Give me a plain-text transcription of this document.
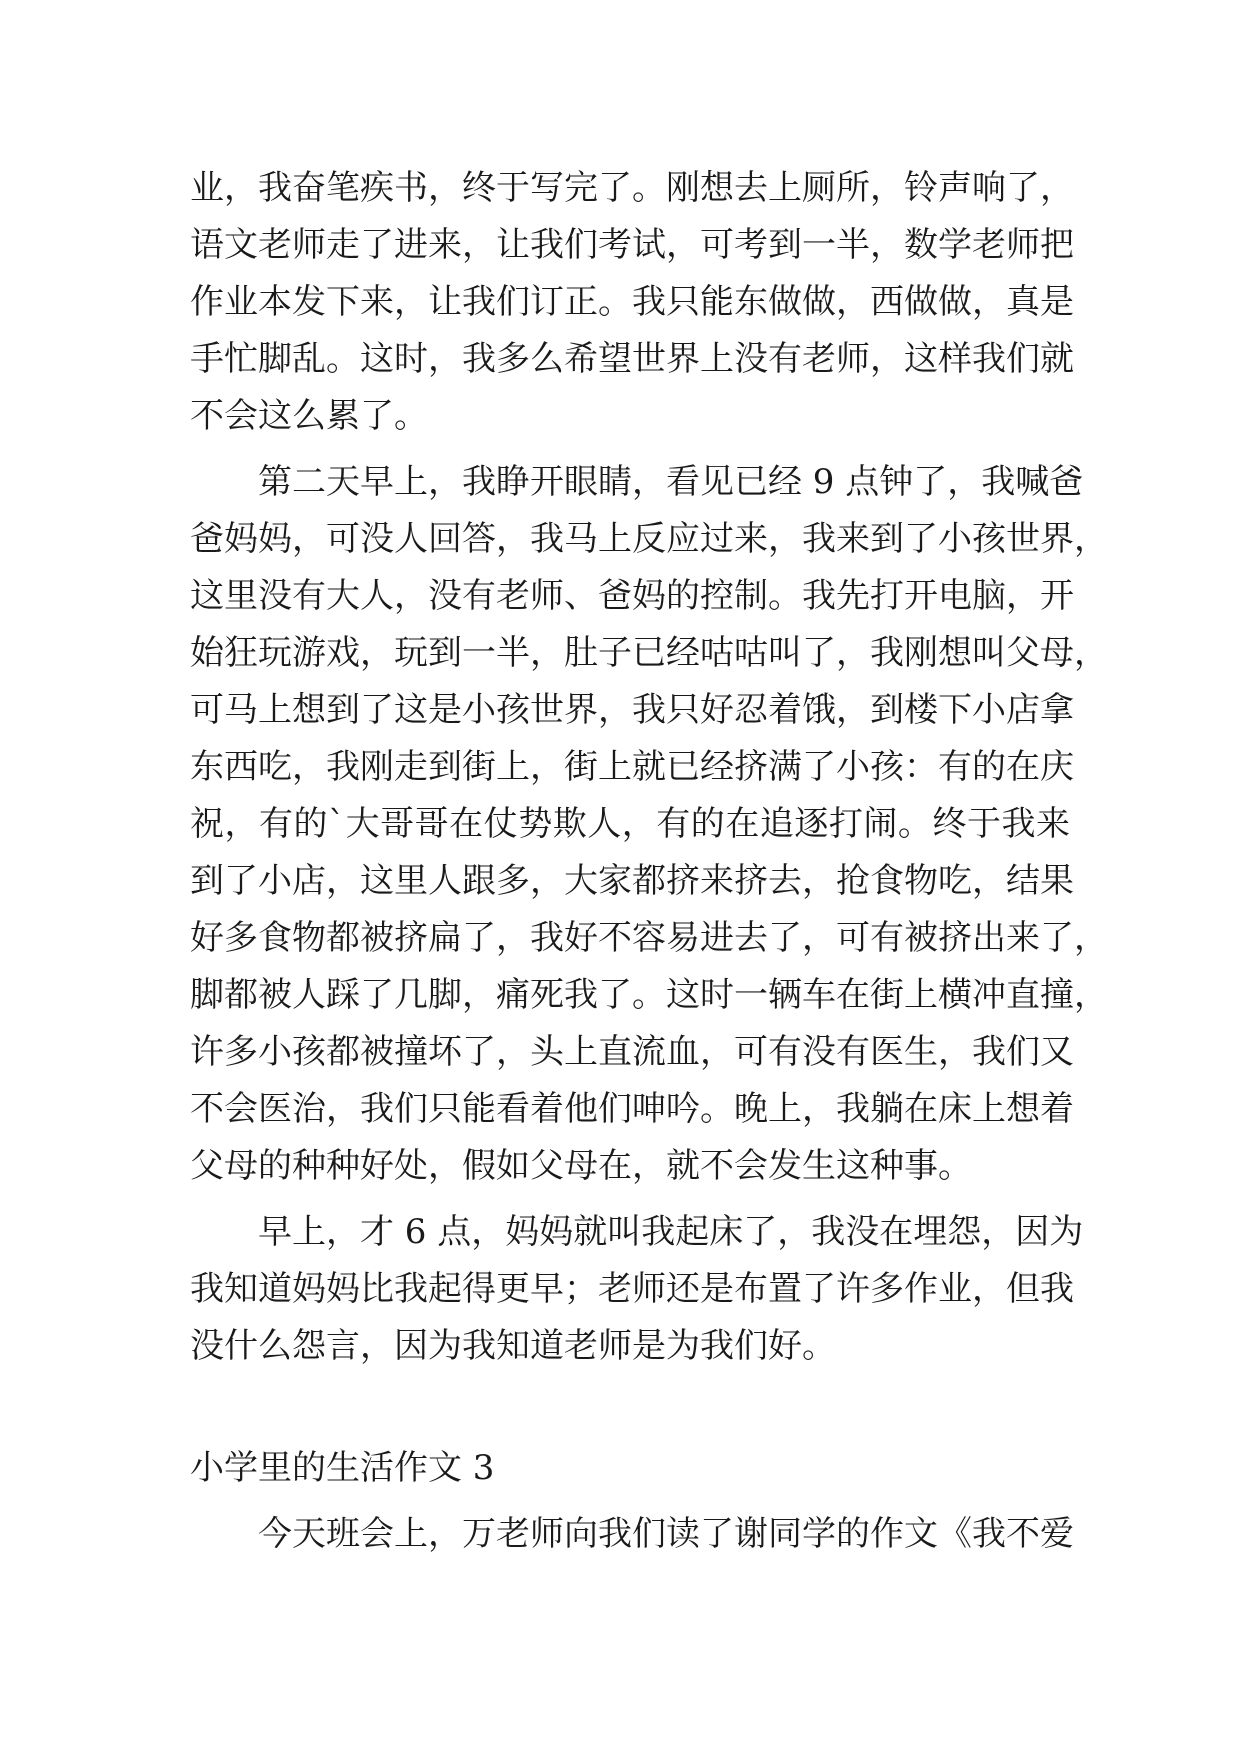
业，我奋笔疾书，终于写完了。刚想去上厕所，铃声响了，
语文老师走了进来，让我们考试，可考到一半，数学老师把
作业本发下来，让我们订正。我只能东做做，西做做，真是
手忙脚乱。这时，我多么希望世界上没有老师，这样我们就
不会这么累了。
第二天早上，我睁开眼睛，看见已经 9 点钟了，我喊爸
爸妈妈，可没人回答，我马上反应过来，我来到了小孩世界，
这里没有大人，没有老师、爸妈的控制。我先打开电脑，开
始狂玩游戏，玩到一半，肚子已经咕咕叫了，我刚想叫父母，
可马上想到了这是小孩世界，我只好忍着饿，到楼下小店拿
东西吃，我刚走到街上，街上就已经挤满了小孩：有的在庆
祝，有的`大哥哥在仗势欺人，有的在追逐打闹。终于我来
到了小店，这里人跟多，大家都挤来挤去，抢食物吃，结果
好多食物都被挤扁了，我好不容易进去了，可有被挤出来了，
脚都被人踩了几脚，痛死我了。这时一辆车在街上横冲直撞，
许多小孩都被撞坏了，头上直流血，可有没有医生，我们又
不会医治，我们只能看着他们呻吟。晚上，我躺在床上想着
父母的种种好处，假如父母在，就不会发生这种事。
早上，才 6 点，妈妈就叫我起床了，我没在埋怨，因为
我知道妈妈比我起得更早；老师还是布置了许多作业，但我
没什么怨言，因为我知道老师是为我们好。
小学里的生活作文 3
今天班会上，万老师向我们读了谢同学的作文《我不爱
